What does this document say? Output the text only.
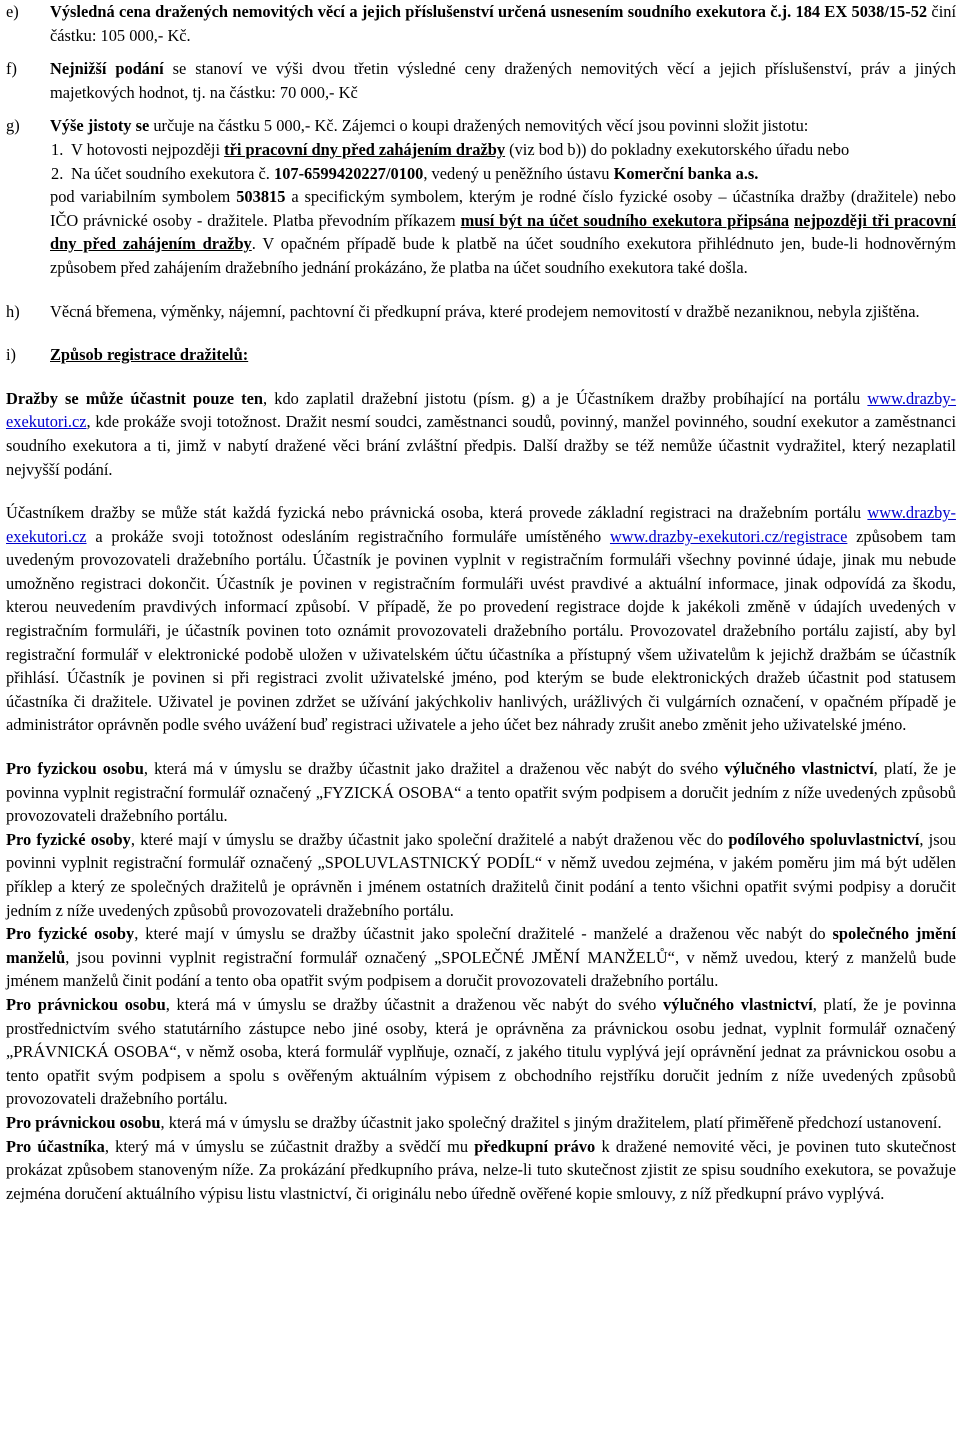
e)	Výsledná cena dražených nemovitých věcí a jejich příslušenství určená usnesením soudního exekutora č.j. 184 EX 5038/15-52 činí částku: 105 000,- Kč.

f)	Nejnižší podání se stanoví ve výši dvou třetin výsledné ceny dražených nemovitých věcí a jejich příslušenství, práv a jiných majetkových hodnot, tj. na částku: 70 000,- Kč

g)	Výše jistoty se určuje na částku 5 000,- Kč. Zájemci o koupi dražených nemovitých věcí jsou povinni složit jistotu:

1. V hotovosti nejpozději tři pracovní dny před zahájením dražby (viz bod b)) do pokladny exekutorského úřadu nebo

2. Na účet soudního exekutora č. 107-6599420227/0100, vedený u peněžního ústavu Komerční banka a.s.

pod variabilním symbolem 503815 a specifickým symbolem, kterým je rodné číslo fyzické osoby – účastníka dražby (dražitele) nebo IČO právnické osoby - dražitele. Platba převodním příkazem musí být na účet soudního exekutora připsána nejpozději tři pracovní dny před zahájením dražby. V opačném případě bude k platbě na účet soudního exekutora přihlédnuto jen, bude-li hodnověrným způsobem před zahájením dražebního jednání prokázáno, že platba na účet soudního exekutora také došla.

h)	Věcná břemena, výměnky, nájemní, pachtovní či předkupní práva, které prodejem nemovitostí v dražbě nezaniknou, nebyla zjištěna.

i)	Způsob registrace dražitelů:

Dražby se může účastnit pouze ten, kdo zaplatil dražební jistotu (písm. g) a je Účastníkem dražby probíhající na portálu www.drazby-exekutori.cz, kde prokáže svoji totožnost. Dražit nesmí soudci, zaměstnanci soudů, povinný, manžel povinného, soudní exekutor a zaměstnanci soudního exekutora a ti, jimž v nabytí dražené věci brání zvláštní předpis. Další dražby se též nemůže účastnit vydražitel, který nezaplatil nejvyšší podání.

Účastníkem dražby se může stát každá fyzická nebo právnická osoba, která provede základní registraci na dražebním portálu www.drazby-exekutori.cz a prokáže svoji totožnost odesláním registračního formuláře umístěného www.drazby-exekutori.cz/registrace způsobem tam uvedeným provozovateli dražebního portálu. Účastník je povinen vyplnit v registračním formuláři všechny povinné údaje, jinak mu nebude umožněno registraci dokončit. Účastník je povinen v registračním formuláři uvést pravdivé a aktuální informace, jinak odpovídá za škodu, kterou neuvedením pravdivých informací způsobí. V případě, že po provedení registrace dojde k jakékoli změně v údajích uvedených v registračním formuláři, je účastník povinen toto oznámit provozovateli dražebního portálu. Provozovatel dražebního portálu zajistí, aby byl registrační formulář v elektronické podobě uložen v uživatelském účtu účastníka a přístupný všem uživatelům k jejichž dražbám se účastník přihlásí. Účastník je povinen si při registraci zvolit uživatelské jméno, pod kterým se bude elektronických dražeb účastnit pod statusem účastníka či dražitele. Uživatel je povinen zdržet se užívání jakýchkoliv hanlivých, urážlivých či vulgárních označení, v opačném případě je administrátor oprávněn podle svého uvážení buď registraci uživatele a jeho účet bez náhrady zrušit anebo změnit jeho uživatelské jméno.

Pro fyzickou osobu, která má v úmyslu se dražby účastnit jako dražitel a draženou věc nabýt do svého výlučného vlastnictví, platí, že je povinna vyplnit registrační formulář označený „FYZICKÁ OSOBA“ a tento opatřit svým podpisem a doručit jedním z níže uvedených způsobů provozovateli dražebního portálu.

Pro fyzické osoby, které mají v úmyslu se dražby účastnit jako společní dražitelé a nabýt draženou věc do podílového spoluvlastnictví, jsou povinni vyplnit registrační formulář označený „SPOLUVLASTNICKÝ PODÍL“ v němž uvedou zejména, v jakém poměru jim má být udělen příklep a který ze společných dražitelů je oprávněn i jménem ostatních dražitelů činit podání a tento všichni opatřit svými podpisy a doručit jedním z níže uvedených způsobů provozovateli dražebního portálu.

Pro fyzické osoby, které mají v úmyslu se dražby účastnit jako společní dražitelé - manželé a draženou věc nabýt do společného jmění manželů, jsou povinni vyplnit registrační formulář označený „SPOLEČNÉ JMĚNÍ MANŽELŮ“, v němž uvedou, který z manželů bude jménem manželů činit podání a tento oba opatřit svým podpisem a doručit provozovateli dražebního portálu.

Pro právnickou osobu, která má v úmyslu se dražby účastnit a draženou věc nabýt do svého výlučného vlastnictví, platí, že je povinna prostřednictvím svého statutárního zástupce nebo jiné osoby, která je oprávněna za právnickou osobu jednat, vyplnit formulář označený „PRÁVNICKÁ OSOBA“, v němž osoba, která formulář vyplňuje, označí, z jakého titulu vyplývá její oprávnění jednat za právnickou osobu a tento opatřit svým podpisem a spolu s ověřeným aktuálním výpisem z obchodního rejstříku doručit jedním z níže uvedených způsobů provozovateli dražebního portálu.

Pro právnickou osobu, která má v úmyslu se dražby účastnit jako společný dražitel s jiným dražitelem, platí přiměřeně předchozí ustanovení.

Pro účastníka, který má v úmyslu se zúčastnit dražby a svědčí mu předkupní právo k dražené nemovité věci, je povinen tuto skutečnost prokázat způsobem stanoveným níže. Za prokázání předkupního práva, nelze-li tuto skutečnost zjistit ze spisu soudního exekutora, se považuje zejména doručení aktuálního výpisu listu vlastnictví, či originálu nebo úředně ověřené kopie smlouvy, z níž předkupní právo vyplývá.
